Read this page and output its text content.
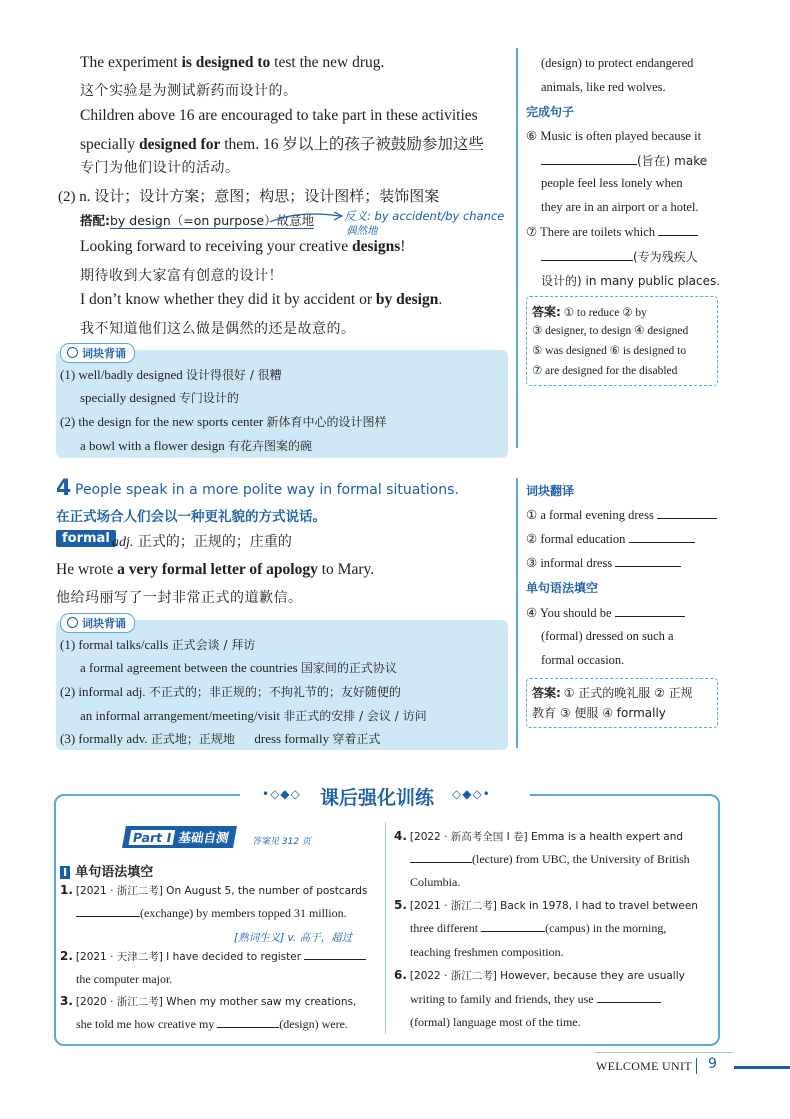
The experiment is designed to test the new drug.
这个实验是为测试新药而设计的。
Children above 16 are encouraged to take part in these activities
specially designed for them. 16 岁以上的孩子被鼓励参加这些
专门为他们设计的活动。
(2) n. 设计；设计方案；意图；构思；设计图样；装饰图案
搭配:by design（=on purpose）故意地	反义: by accident/by chance
偶然地
Looking forward to receiving your creative designs!
期待收到大家富有创意的设计！
I don’t know whether they did it by accident or by design.
我不知道他们这么做是偶然的还是故意的。
词块背诵
(1) well/badly designed 设计得很好 / 很糟
specially designed 专门设计的
(2) the design for the new sports center 新体育中心的设计图样
a bowl with a flower design 有花卉图案的碗
4 People speak in a more polite way in formal situations.
在正式场合人们会以一种更礼貌的方式说话。
formal adj. 正式的；正规的；庄重的
He wrote a very formal letter of apology to Mary.
他给玛丽写了一封非常正式的道歉信。
词块背诵
(1) formal talks/calls 正式会谈 / 拜访
a formal agreement between the countries 国家间的正式协议
(2) informal adj. 不正式的；非正规的；不拘礼节的；友好随便的
an informal arrangement/meeting/visit 非正式的安排 / 会议 / 访问
(3) formally adv. 正式地；正规地 dress formally 穿着正式
(design) to protect endangered
animals, like red wolves.
完成句子
⑥ Music is often played because it
(旨在) make
people feel less lonely when
they are in an airport or a hotel.
⑦ There are toilets which
(专为残疾人
设计的) in many public places.
答案: ① to reduce ② by
③ designer, to design ④ designed
⑤ was designed ⑥ is designed to
⑦ are designed for the disabled
词块翻译
① a formal evening dress
② formal education
③ informal dress
单句语法填空
④ You should be
(formal) dressed on such a
formal occasion.
答案: ① 正式的晚礼服 ② 正规
教育 ③ 便服 ④ formally
•◇◆◇ 课后强化训练 ◇◆◇•
Part Ⅰ 基础自测	答案见 312 页
Ⅰ 单句语法填空
1. [2021 · 浙江二考] On August 5, the number of postcards
(exchange) by members topped 31 million.
[熟词生义] v. 高于，超过
2. [2021 · 天津二考] I have decided to register
the computer major.
3. [2020 · 浙江二考] When my mother saw my creations,
she told me how creative my	(design) were.
4. [2022 · 新高考全国 Ⅰ 卷] Emma is a health expert and
(lecture) from UBC, the University of British
Columbia.
5. [2021 · 浙江二考] Back in 1978, I had to travel between
three different	(campus) in the morning,
teaching freshmen composition.
6. [2022 · 浙江二考] However, because they are usually
writing to family and friends, they use
(formal) language most of the time.
WELCOME UNIT 9
